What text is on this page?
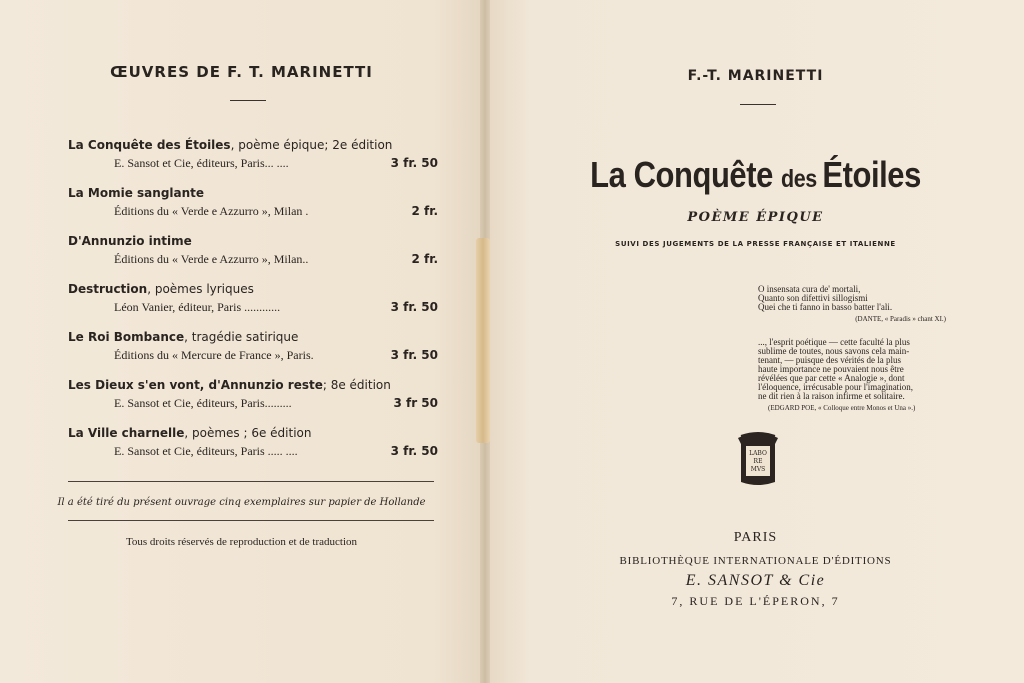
ŒUVRES DE F. T. MARINETTI
La Conquête des Étoiles, poème épique; 2e édition
E. Sansot et Cie, éditeurs, Paris... ....	3 fr. 50
La Momie sanglante
Éditions du « Verde e Azzurro », Milan .	2 fr.
D'Annunzio intime
Éditions du « Verde e Azzurro », Milan..	2 fr.
Destruction, poèmes lyriques
Léon Vanier, éditeur, Paris ............	3 fr. 50
Le Roi Bombance, tragédie satirique
Éditions du « Mercure de France », Paris.	3 fr. 50
Les Dieux s'en vont, d'Annunzio reste; 8e édition
E. Sansot et Cie, éditeurs, Paris.........	3 fr 50
La Ville charnelle, poèmes ; 6e édition
E. Sansot et Cie, éditeurs, Paris ..... ....	3 fr. 50
Il a été tiré du présent ouvrage cinq exemplaires sur papier de Hollande
Tous droits réservés de reproduction et de traduction
F.-T. MARINETTI
La Conquête des Étoiles
POÈME ÉPIQUE
SUIVI DES JUGEMENTS DE LA PRESSE FRANÇAISE ET ITALIENNE
O insensata cura de' mortali,
Quanto son difettivi sillogismi
Quei che ti fanno in basso batter l'ali.
(DANTE, « Paradis » chant XI.)
..., l'esprit poétique — cette faculté la plus
sublime de toutes, nous savons cela main-
tenant, — puisque des vérités de la plus
haute importance ne pouvaient nous être
révélées que par cette « Analogie », dont
l'éloquence, irrécusable pour l'imagination,
ne dit rien à la raison infirme et solitaire.
(EDGARD POE, « Colloque entre Monos et Una ».)
LABO
RE
MVS
PARIS
BIBLIOTHÈQUE INTERNATIONALE D'ÉDITIONS
E. SANSOT & Cie
7, RUE DE L'ÉPERON, 7
